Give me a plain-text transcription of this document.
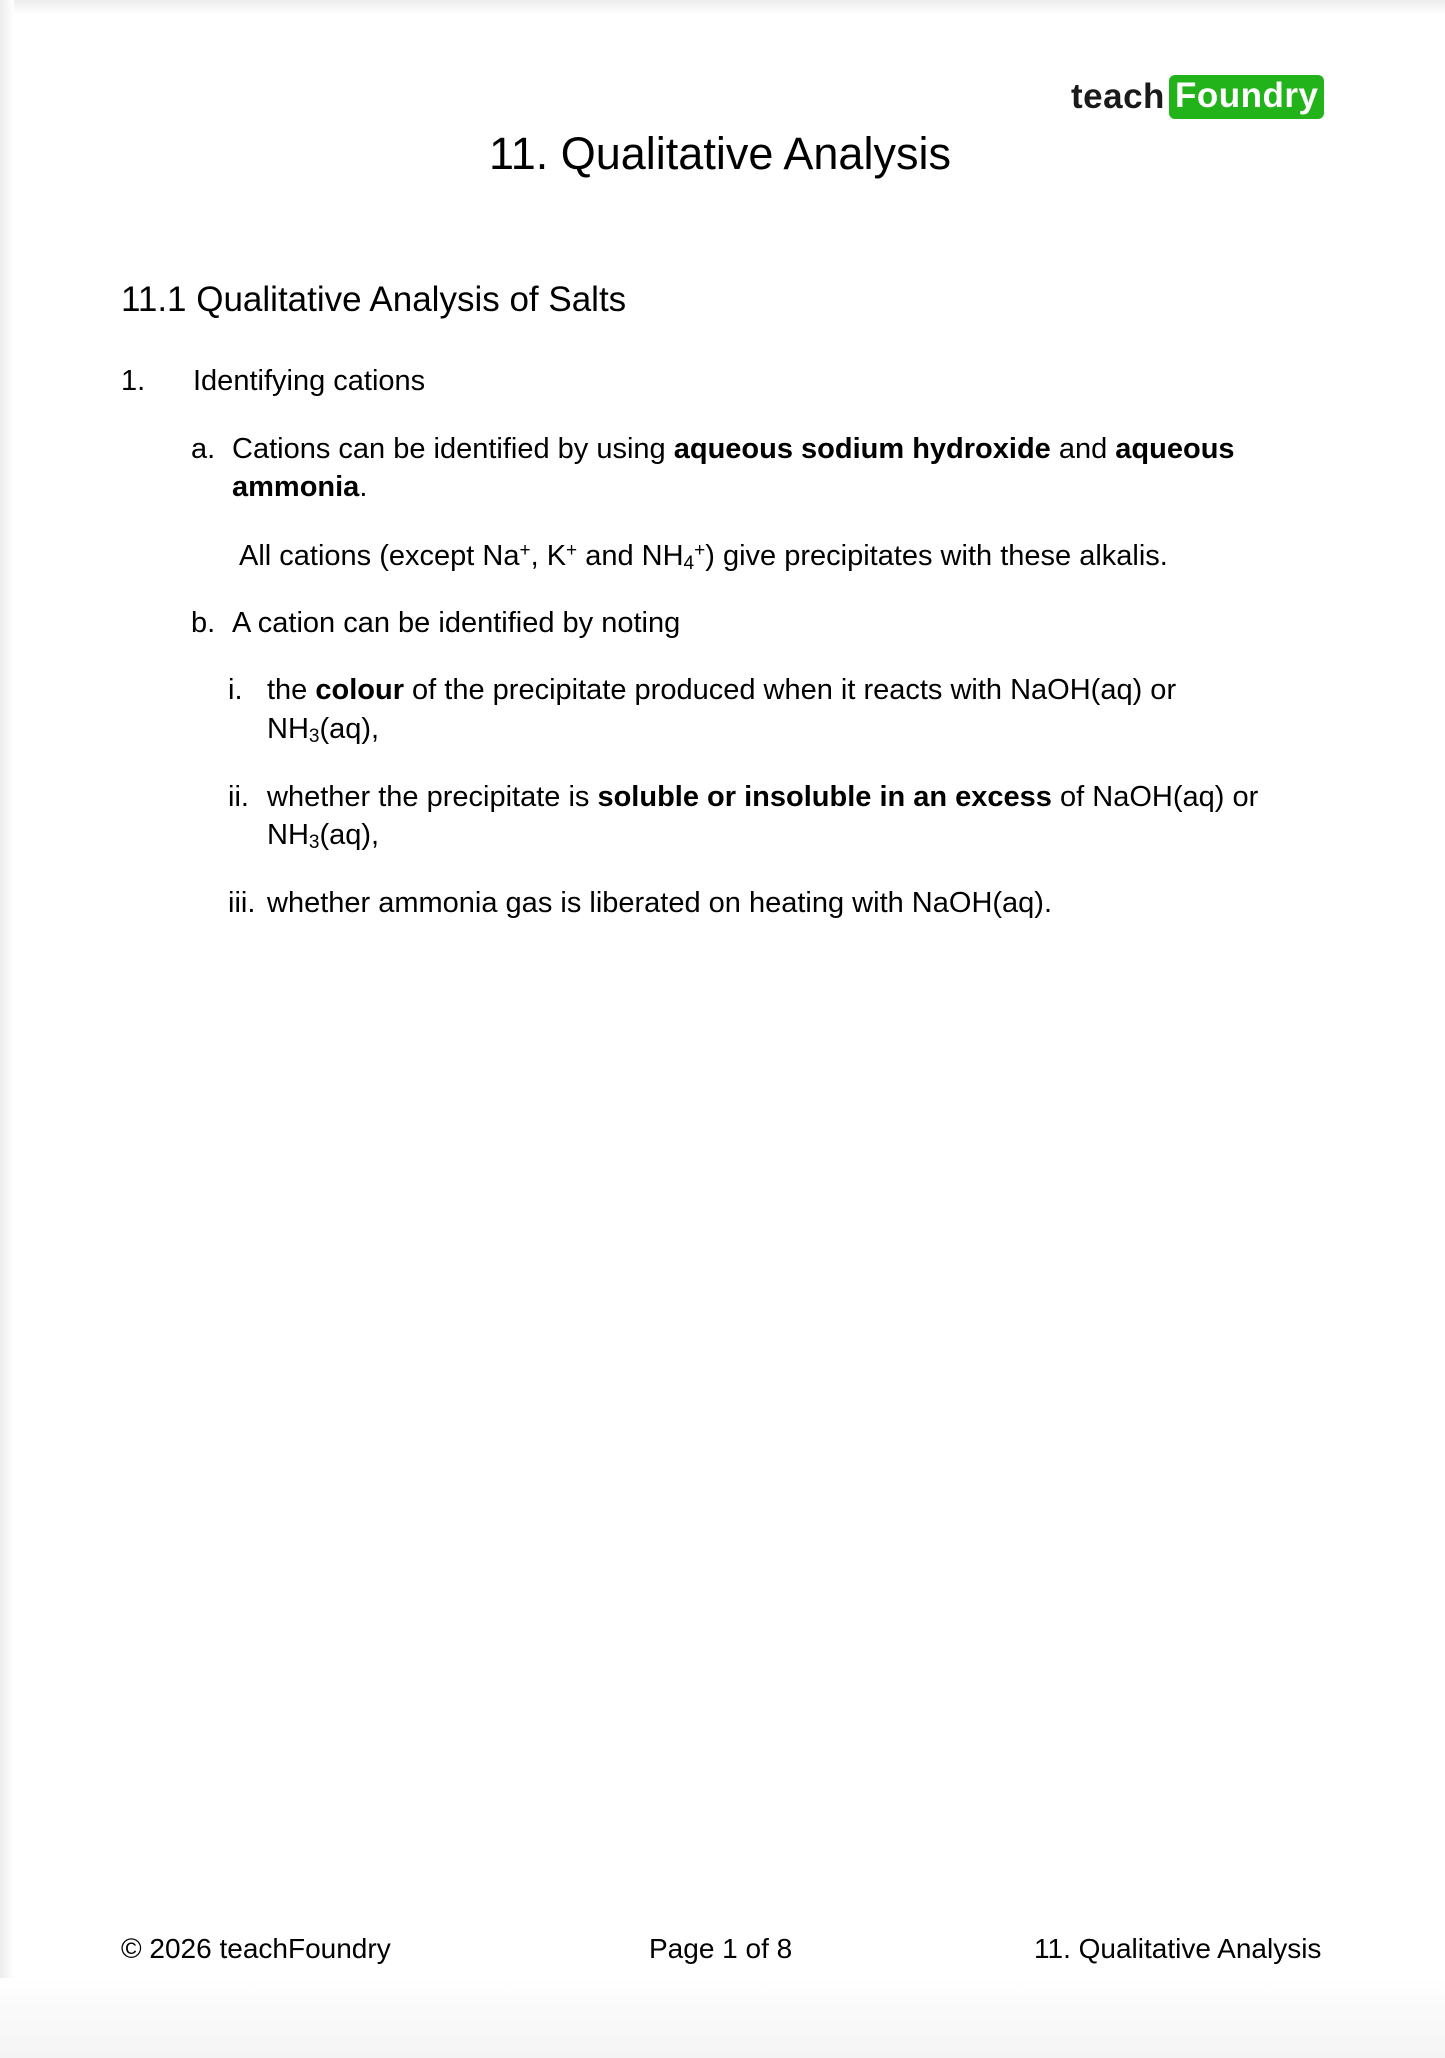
teach Foundry
11. Qualitative Analysis
11.1 Qualitative Analysis of Salts
1. Identifying cations
a. Cations can be identified by using aqueous sodium hydroxide and aqueous
ammonia.
All cations (except Na+, K+ and $NH_4^+$) give precipitates with these alkalis.
b. A cation can be identified by noting
i. the colour of the precipitate produced when it reacts with NaOH(aq) or
$NH_3(aq)$,
ii. whether the precipitate is soluble or insoluble in an excess of NaOH(aq) or
$NH_3(aq)$,
iii. whether ammonia gas is liberated on heating with NaOH(aq).
© 2026 teachFoundry	Page 1 of 8	11. Qualitative Analysis
